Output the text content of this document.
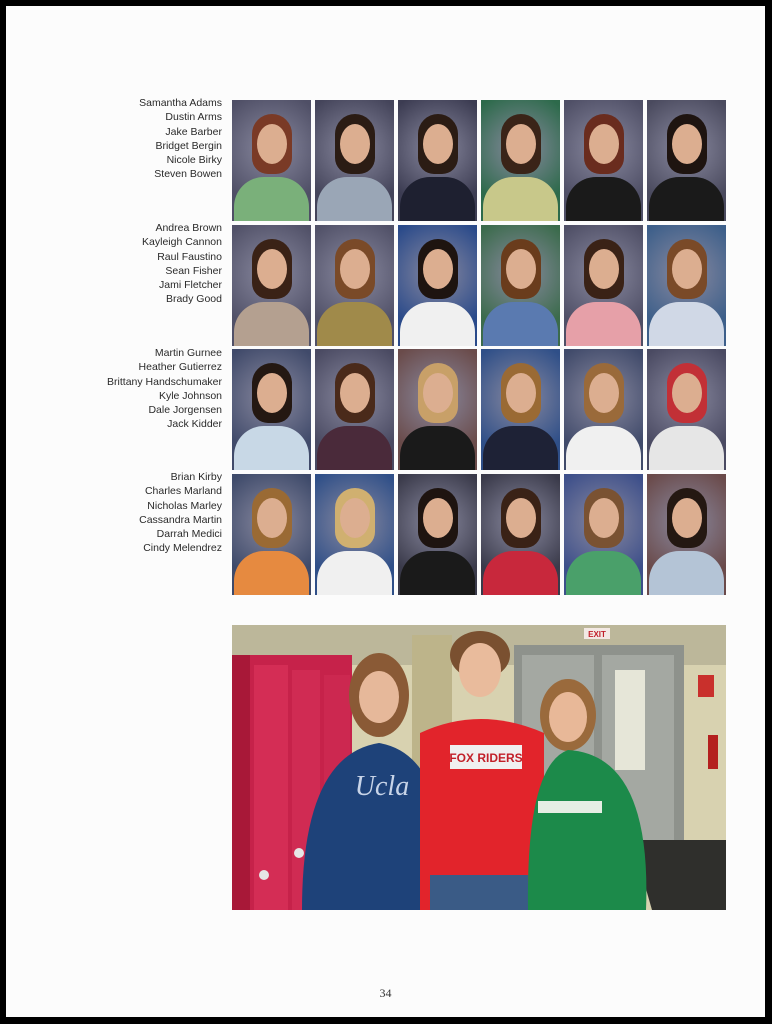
Samantha Adams
Dustin Arms
Jake Barber
Bridget Bergin
Nicole Birky
Steven Bowen
Andrea Brown
Kayleigh Cannon
Raul Faustino
Sean Fisher
Jami Fletcher
Brady Good
Martin Gurnee
Heather Gutierrez
Brittany Handschumaker
Kyle Johnson
Dale Jorgensen
Jack Kidder
Brian Kirby
Charles Marland
Nicholas Marley
Cassandra Martin
Darrah Medici
Cindy Melendrez
EXIT
Ucla
FOX RIDERS
34
